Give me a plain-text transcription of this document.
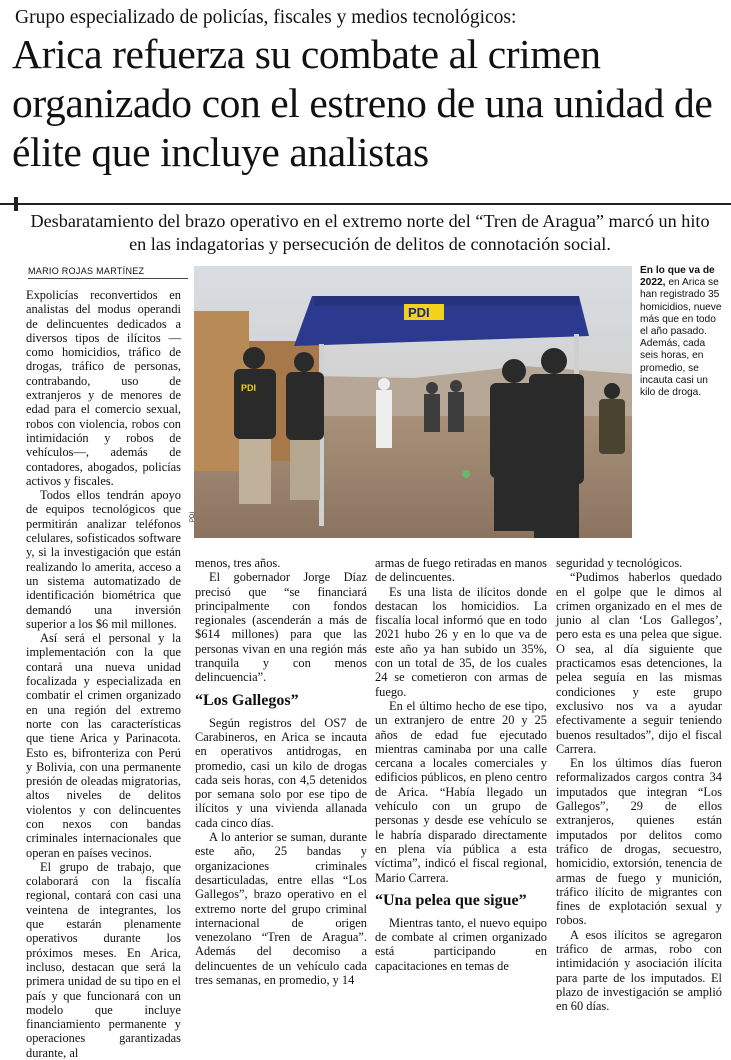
Grupo especializado de policías, fiscales y medios tecnológicos:
Arica refuerza su combate al crimen organizado con el estreno de una unidad de élite que incluye analistas
Desbaratamiento del brazo operativo en el extremo norte del “Tren de Aragua” marcó un hito en las indagatorias y persecución de delitos de connotación social.
MARIO ROJAS MARTÍNEZ

Expolicías reconvertidos en analistas del modus operandi de delincuentes dedicados a diversos tipos de ilícitos —como homicidios, tráfico de drogas, tráfico de personas, contrabando, uso de extranjeros y de menores de edad para el comercio sexual, robos con violencia, robos con intimidación y robos de vehículos—, además de contadores, abogados, policías activos y fiscales.

Todos ellos tendrán apoyo de equipos tecnológicos que permitirán analizar teléfonos celulares, sofisticados software y, si la investigación que están realizando lo amerita, acceso a un sistema automatizado de identificación biométrica que demandó una inversión superior a los $6 mil millones.

Así será el personal y la implementación con la que contará una nueva unidad focalizada y especializada en combatir el crimen organizado en una región del extremo norte con las características que tiene Arica y Parinacota. Esto es, bifronteriza con Perú y Bolivia, con una permanente presión de oleadas migratorias, altos niveles de delitos violentos y con delincuentes con nexos con bandas criminales internacionales que operan en países vecinos.

El grupo de trabajo, que colaborará con la fiscalía regional, contará con casi una veintena de integrantes, los que estarán plenamente operativos durante los próximos meses. En Arica, incluso, destacan que será la primera unidad de su tipo en el país y que funcionará con un modelo que incluye financiamiento permanente y operaciones garantizadas durante, al

PDI
PDI
PDI
En lo que va de 2022, en Arica se han registrado 35 homicidios, nueve más que en todo el año pasado. Además, cada seis horas, en promedio, se incauta casi un kilo de droga.

menos, tres años.

El gobernador Jorge Díaz precisó que “se financiará principalmente con fondos regionales (ascenderán a más de $614 millones) para que las personas vivan en una región más tranquila y con menos delincuencia”.

“Los Gallegos”

Según registros del OS7 de Carabineros, en Arica se incauta en operativos antidrogas, en promedio, casi un kilo de drogas cada seis horas, con 4,5 detenidos por semana solo por ese tipo de ilícitos y una vivienda allanada cada cinco días.

A lo anterior se suman, durante este año, 25 bandas y organizaciones criminales desarticuladas, entre ellas “Los Gallegos”, brazo operativo en el extremo norte del grupo criminal internacional de origen venezolano “Tren de Aragua”. Además del decomiso a delincuentes de un vehículo cada tres semanas, en promedio, y 14

armas de fuego retiradas en manos de delincuentes.

Es una lista de ilícitos donde destacan los homicidios. La fiscalía local informó que en todo 2021 hubo 26 y en lo que va de este año ya han subido un 35%, con un total de 35, de los cuales 24 se cometieron con armas de fuego.

En el último hecho de ese tipo, un extranjero de entre 20 y 25 años de edad fue ejecutado mientras caminaba por una calle cercana a locales comerciales y edificios públicos, en pleno centro de Arica. “Había llegado un vehículo con un grupo de personas y desde ese vehículo se le habría disparado directamente en plena vía pública a esta víctima”, indicó el fiscal regional, Mario Carrera.

“Una pelea que sigue”

Mientras tanto, el nuevo equipo de combate al crimen organizado está participando en capacitaciones en temas de

seguridad y tecnológicos.

“Pudimos haberlos quedado en el golpe que le dimos al crimen organizado en el mes de junio al clan ‘Los Gallegos’, pero esta es una pelea que sigue. O sea, al día siguiente que practicamos esas detenciones, la pelea seguía en las mismas condiciones y este grupo exclusivo nos va a ayudar efectivamente a seguir teniendo buenos resultados”, dijo el fiscal Carrera.

En los últimos días fueron reformalizados cargos contra 34 imputados que integran “Los Gallegos”, 29 de ellos extranjeros, quienes están imputados por delitos como tráfico de drogas, secuestro, homicidio, extorsión, tenencia de armas de fuego y munición, tráfico ilícito de migrantes con fines de explotación sexual y robos.

A esos ilícitos se agregaron tráfico de armas, robo con intimidación y asociación ilícita para parte de los imputados. El plazo de investigación se amplió en 60 días.
